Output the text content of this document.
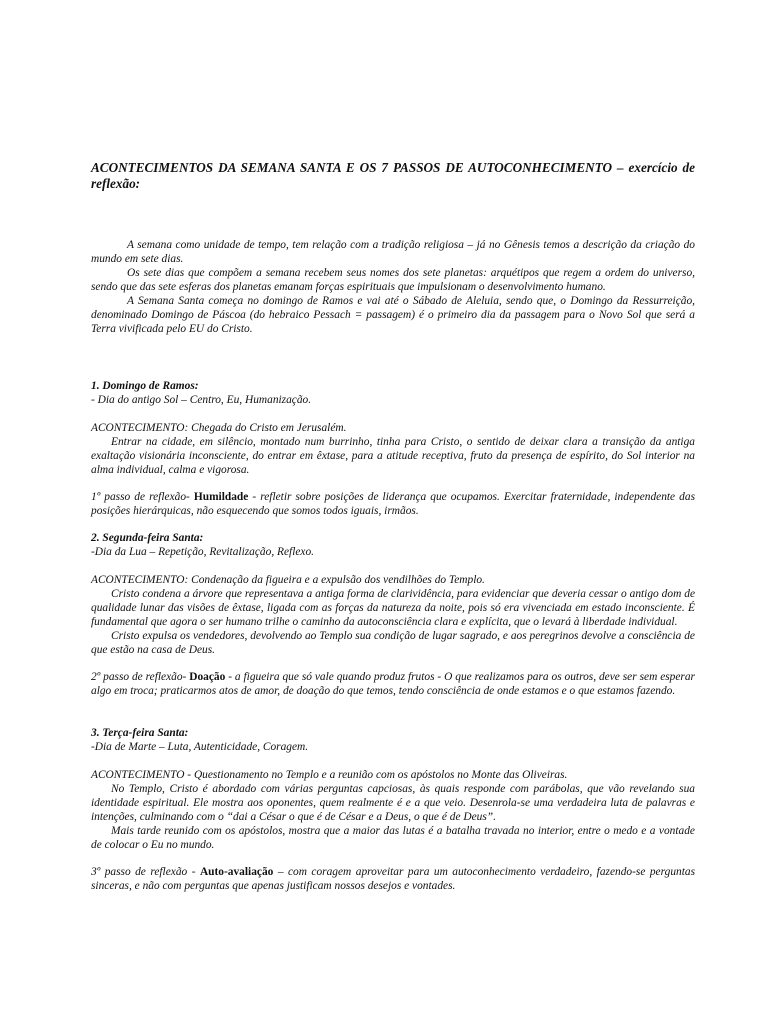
ACONTECIMENTOS DA SEMANA SANTA E OS 7 PASSOS DE AUTOCONHECIMENTO – exercício de reflexão:

A semana como unidade de tempo, tem relação com a tradição religiosa – já no Gênesis temos a descrição da criação do mundo em sete dias.

Os sete dias que compõem a semana recebem seus nomes dos sete planetas: arquétipos que regem a ordem do universo, sendo que das sete esferas dos planetas emanam forças espirituais que impulsionam o desenvolvimento humano.

A Semana Santa começa no domingo de Ramos e vai até o Sábado de Aleluia, sendo que, o Domingo da Ressurreição, denominado Domingo de Páscoa (do hebraico Pessach = passagem) é o primeiro dia da passagem para o Novo Sol que será a Terra vivificada pelo EU do Cristo.

1. Domingo de Ramos:

- Dia do antigo Sol – Centro, Eu, Humanização.

ACONTECIMENTO: Chegada do Cristo em Jerusalém.

Entrar na cidade, em silêncio, montado num burrinho, tinha para Cristo, o sentido de deixar clara a transição da antiga exaltação visionária inconsciente, do entrar em êxtase, para a atitude receptiva, fruto da presença de espírito, do Sol interior na alma individual, calma e vigorosa.

1º passo de reflexão- Humildade - refletir sobre posições de liderança que ocupamos. Exercitar fraternidade, independente das posições hierárquicas, não esquecendo que somos todos iguais, irmãos.

2. Segunda-feira Santa:

-Dia da Lua – Repetição, Revitalização, Reflexo.

ACONTECIMENTO: Condenação da figueira e a expulsão dos vendilhões do Templo.

Cristo condena a árvore que representava a antiga forma de clarividência, para evidenciar que deveria cessar o antigo dom de qualidade lunar das visões de êxtase, ligada com as forças da natureza da noite, pois só era vivenciada em estado inconsciente. É fundamental que agora o ser humano trilhe o caminho da autoconsciência clara e explícita, que o levará à liberdade individual.

Cristo expulsa os vendedores, devolvendo ao Templo sua condição de lugar sagrado, e aos peregrinos devolve a consciência de que estão na casa de Deus.

2º passo de reflexão- Doação - a figueira que só vale quando produz frutos - O que realizamos para os outros, deve ser sem esperar algo em troca; praticarmos atos de amor, de doação do que temos, tendo consciência de onde estamos e o que estamos fazendo.

3. Terça-feira Santa:

-Dia de Marte – Luta, Autenticidade, Coragem.

ACONTECIMENTO - Questionamento no Templo e a reunião com os apóstolos no Monte das Oliveiras.

No Templo, Cristo é abordado com várias perguntas capciosas, às quais responde com parábolas, que vão revelando sua identidade espiritual. Ele mostra aos oponentes, quem realmente é e a que veio. Desenrola-se uma verdadeira luta de palavras e intenções, culminando com o “dai a César o que é de César e a Deus, o que é de Deus”.

Mais tarde reunido com os apóstolos, mostra que a maior das lutas é a batalha travada no interior, entre o medo e a vontade de colocar o Eu no mundo.

3º passo de reflexão - Auto-avaliação – com coragem aproveitar para um autoconhecimento verdadeiro, fazendo-se perguntas sinceras, e não com perguntas que apenas justificam nossos desejos e vontades.
